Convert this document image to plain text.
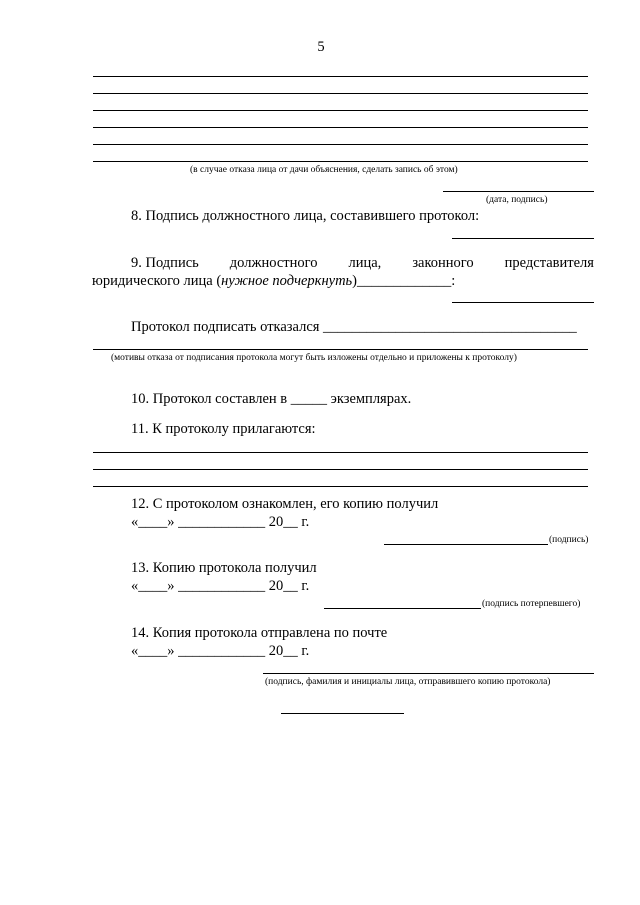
5
(в случае отказа лица от дачи объяснения, сделать запись об этом)
(дата, подпись)
8. Подпись должностного лица, составившего протокол:
9. Подпись должностного лица, законного представителя
юридического лица (нужное подчеркнуть)_____________:
Протокол подписать отказался ___________________________________
(мотивы отказа от подписания протокола могут быть изложены отдельно и приложены к протоколу)
10. Протокол составлен в _____ экземплярах.
11. К протоколу прилагаются:
12. С протоколом ознакомлен, его копию получил
«____» ____________ 20__ г.
(подпись)
13. Копию протокола получил
«____» ____________ 20__ г.
(подпись потерпевшего)
14. Копия протокола отправлена по почте
«____» ____________ 20__ г.
(подпись, фамилия и инициалы лица, отправившего копию протокола)
